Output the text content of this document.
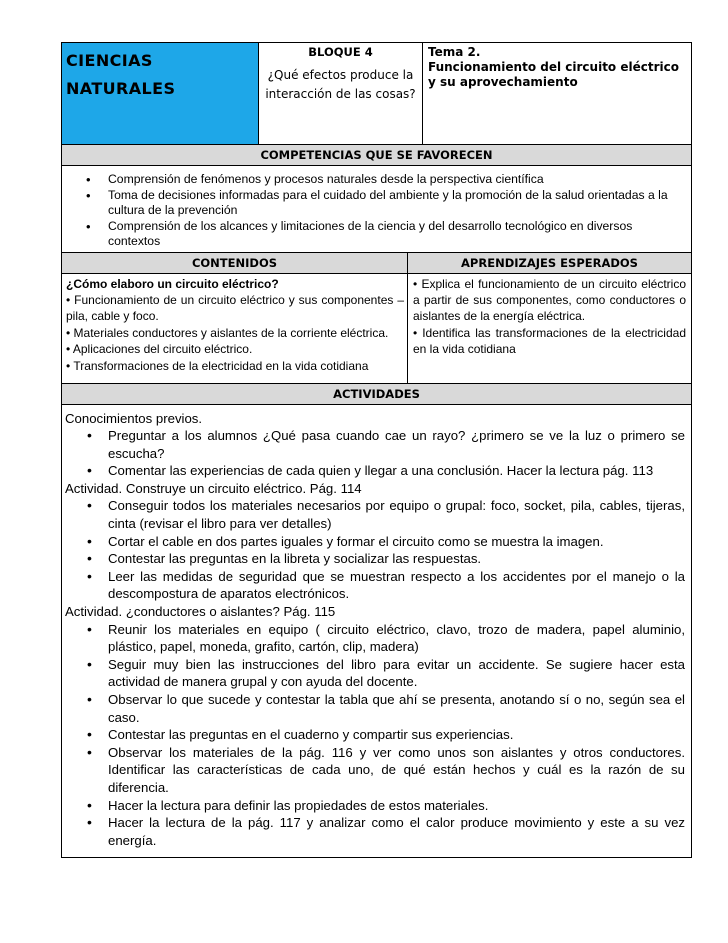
CIENCIAS
NATURALES
BLOQUE 4
¿Qué efectos produce la interacción de las cosas?
Tema 2.
Funcionamiento del circuito eléctrico y su aprovechamiento
COMPETENCIAS QUE SE FAVORECEN
• Comprensión de fenómenos y procesos naturales desde la perspectiva científica
• Toma de decisiones informadas para el cuidado del ambiente y la promoción de la salud orientadas a la cultura de la prevención
• Comprensión de los alcances y limitaciones de la ciencia y del desarrollo tecnológico en diversos contextos
CONTENIDOS	APRENDIZAJES ESPERADOS
¿Cómo elaboro un circuito eléctrico?
• Funcionamiento de un circuito eléctrico y sus componentes –pila, cable y foco.
• Materiales conductores y aislantes de la corriente eléctrica.
• Aplicaciones del circuito eléctrico.
• Transformaciones de la electricidad en la vida cotidiana
• Explica el funcionamiento de un circuito eléctrico a partir de sus componentes, como conductores o aislantes de la energía eléctrica.
• Identifica las transformaciones de la electricidad en la vida cotidiana
ACTIVIDADES
Conocimientos previos.
• Preguntar a los alumnos ¿Qué pasa cuando cae un rayo? ¿primero se ve la luz o primero se escucha?
• Comentar las experiencias de cada quien y llegar a una conclusión. Hacer la lectura pág. 113
Actividad. Construye un circuito eléctrico. Pág. 114
• Conseguir todos los materiales necesarios por equipo o grupal: foco, socket, pila, cables, tijeras, cinta (revisar el libro para ver detalles)
• Cortar el cable en dos partes iguales y formar el circuito como se muestra la imagen.
• Contestar las preguntas en la libreta y socializar las respuestas.
• Leer las medidas de seguridad que se muestran respecto a los accidentes por el manejo o la descompostura de aparatos electrónicos.
Actividad. ¿conductores o aislantes? Pág. 115
• Reunir los materiales en equipo ( circuito eléctrico, clavo, trozo de madera, papel aluminio, plástico, papel, moneda, grafito, cartón, clip, madera)
• Seguir muy bien las instrucciones del libro para evitar un accidente. Se sugiere hacer esta actividad de manera grupal y con ayuda del docente.
• Observar lo que sucede y contestar la tabla que ahí se presenta, anotando sí o no, según sea el caso.
• Contestar las preguntas en el cuaderno y compartir sus experiencias.
• Observar los materiales de la pág. 116 y ver como unos son aislantes y otros conductores. Identificar las características de cada uno, de qué están hechos y cuál es la razón de su diferencia.
• Hacer la lectura para definir las propiedades de estos materiales.
• Hacer la lectura de la pág. 117 y analizar como el calor produce movimiento y este a su vez energía.
